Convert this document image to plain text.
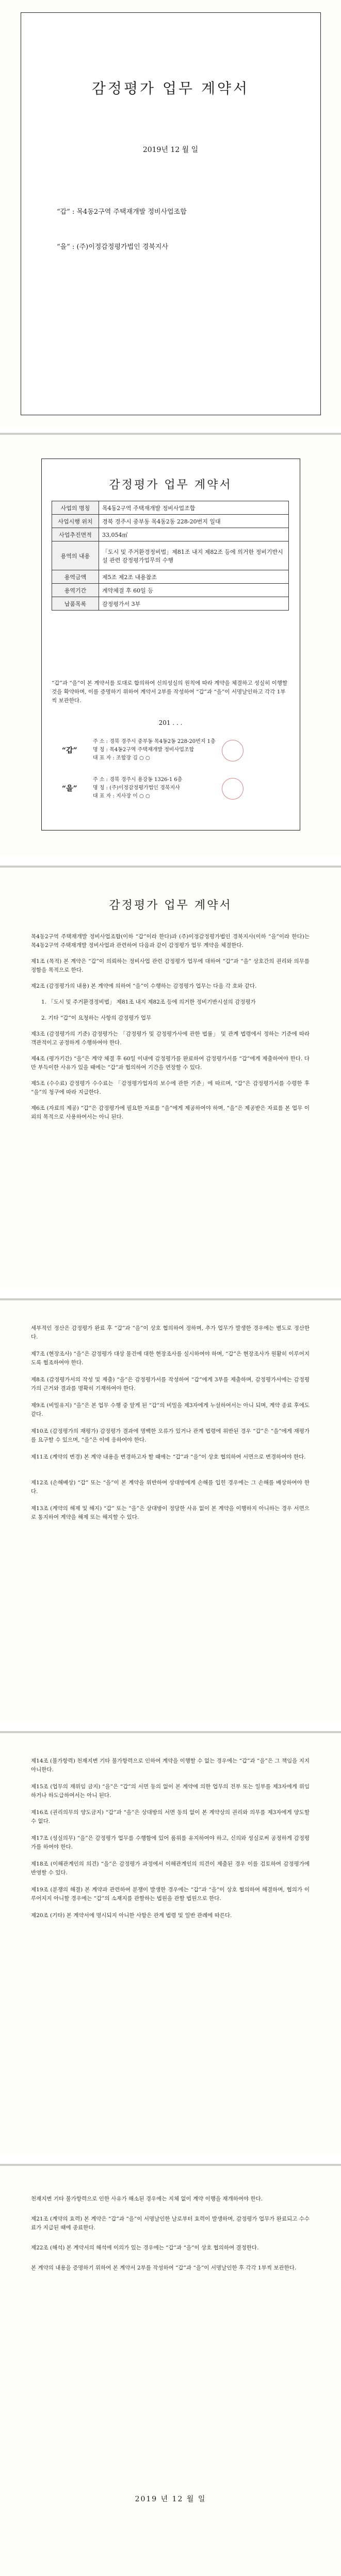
감정평가 업무 계약서
2019년 12 월 일
“갑” : 목4동2구역 주택재개발 정비사업조합
“을” : (주)이정감정평가법인 경북지사
감정평가 업무 계약서
사업의 명칭	목4동2구역 주택재개발 정비사업조합
사업시행 위치	경북 경주시 중부동 목4동2동 228-20번지 일대
사업추진면적	33,054㎡
용역의 내용	「도시 및 주거환경정비법」제81조 내지 제82조 등에 의거한 정비기반시설 관련 감정평가업무의 수행
용역금액	제5조 제2조 내용참조
용역기간	계약체결 후 60일 등
납품목록	감정평가서 3부
“갑”과 “을”이 본 계약서를 토대로 합의하여 신의성실의 원칙에 따라 계약을 체결하고 성실히 이행할 것을 확약하며, 이를 증명하기 위하여 계약서 2부를 작성하여 “갑”과 “을”이 서명날인하고 각각 1부씩 보관한다.
201 . . .
“갑”
주 소 : 경북 경주시 중부동 목4동2동 228-20번지 1층
명 칭 : 목4동2구역 주택재개발 정비사업조합
대 표 자 : 조합장 김 ○ ○
“을”
주 소 : 경북 경주시 용강동 1326-1 6층
명 칭 : (주)이정감정평가법인 경북지사
대 표 자 : 지사장 이 ○ ○
감정평가 업무 계약서
목4동2구역 주택재개발 정비사업조합(이하 “갑”이라 한다)과 (주)이정감정평가법인 경북지사(이하 “을”이라 한다)는 목4동2구역 주택재개발 정비사업과 관련하여 다음과 같이 감정평가 업무 계약을 체결한다.
제1조 (목적) 본 계약은 “갑”이 의뢰하는 정비사업 관련 감정평가 업무에 대하여 “갑”과 “을” 상호간의 권리와 의무를 정함을 목적으로 한다.
제2조 (감정평가의 내용) 본 계약에 의하여 “을”이 수행하는 감정평가 업무는 다음 각 호와 같다.
1. 「도시 및 주거환경정비법」 제81조 내지 제82조 등에 의거한 정비기반시설의 감정평가
2. 기타 “갑”이 요청하는 사항의 감정평가 업무
제3조 (감정평가의 기준) 감정평가는 「감정평가 및 감정평가사에 관한 법률」 및 관계 법령에서 정하는 기준에 따라 객관적이고 공정하게 수행하여야 한다.
제4조 (평가기간) “을”은 계약 체결 후 60일 이내에 감정평가를 완료하여 감정평가서를 “갑”에게 제출하여야 한다. 다만 부득이한 사유가 있을 때에는 “갑”과 협의하여 기간을 연장할 수 있다.
제5조 (수수료) 감정평가 수수료는 「감정평가업자의 보수에 관한 기준」에 따르며, “갑”은 감정평가서를 수령한 후 “을”의 청구에 따라 지급한다.
제6조 (자료의 제공) “갑”은 감정평가에 필요한 자료를 “을”에게 제공하여야 하며, “을”은 제공받은 자료를 본 업무 이외의 목적으로 사용하여서는 아니 된다.
세부적인 정산은 감정평가 완료 후 “갑”과 “을”이 상호 협의하여 정하며, 추가 업무가 발생한 경우에는 별도로 정산한다.
제7조 (현장조사) “을”은 감정평가 대상 물건에 대한 현장조사를 실시하여야 하며, “갑”은 현장조사가 원활히 이루어지도록 협조하여야 한다.
제8조 (감정평가서의 작성 및 제출) “을”은 감정평가서를 작성하여 “갑”에게 3부를 제출하며, 감정평가서에는 감정평가의 근거와 결과를 명확히 기재하여야 한다.
제9조 (비밀유지) “을”은 본 업무 수행 중 알게 된 “갑”의 비밀을 제3자에게 누설하여서는 아니 되며, 계약 종료 후에도 같다.
제10조 (감정평가의 재평가) 감정평가 결과에 명백한 오류가 있거나 관계 법령에 위반된 경우 “갑”은 “을”에게 재평가를 요구할 수 있으며, “을”은 이에 응하여야 한다.
제11조 (계약의 변경) 본 계약 내용을 변경하고자 할 때에는 “갑”과 “을”이 상호 협의하여 서면으로 변경하여야 한다.
제12조 (손해배상) “갑” 또는 “을”이 본 계약을 위반하여 상대방에게 손해를 입힌 경우에는 그 손해를 배상하여야 한다.
제13조 (계약의 해제 및 해지) “갑” 또는 “을”은 상대방이 정당한 사유 없이 본 계약을 이행하지 아니하는 경우 서면으로 통지하여 계약을 해제 또는 해지할 수 있다.
제14조 (불가항력) 천재지변 기타 불가항력으로 인하여 계약을 이행할 수 없는 경우에는 “갑”과 “을”은 그 책임을 지지 아니한다.
제15조 (업무의 재위임 금지) “을”은 “갑”의 서면 동의 없이 본 계약에 의한 업무의 전부 또는 일부를 제3자에게 위임하거나 하도급하여서는 아니 된다.
제16조 (권리의무의 양도금지) “갑”과 “을”은 상대방의 서면 동의 없이 본 계약상의 권리와 의무를 제3자에게 양도할 수 없다.
제17조 (성실의무) “을”은 감정평가 업무를 수행함에 있어 품위를 유지하여야 하고, 신의와 성실로써 공정하게 감정평가를 하여야 한다.
제18조 (이해관계인의 의견) “을”은 감정평가 과정에서 이해관계인의 의견이 제출된 경우 이를 검토하여 감정평가에 반영할 수 있다.
제19조 (분쟁의 해결) 본 계약과 관련하여 분쟁이 발생한 경우에는 “갑”과 “을”이 상호 협의하여 해결하며, 협의가 이루어지지 아니할 경우에는 “갑”의 소재지를 관할하는 법원을 관할 법원으로 한다.
제20조 (기타) 본 계약서에 명시되지 아니한 사항은 관계 법령 및 일반 관례에 따른다.
천재지변 기타 불가항력으로 인한 사유가 해소된 경우에는 지체 없이 계약 이행을 재개하여야 한다.
제21조 (계약의 효력) 본 계약은 “갑”과 “을”이 서명날인한 날로부터 효력이 발생하며, 감정평가 업무가 완료되고 수수료가 지급된 때에 종료한다.
제22조 (해석) 본 계약서의 해석에 이의가 있는 경우에는 “갑”과 “을”이 상호 협의하여 결정한다.
본 계약의 내용을 증명하기 위하여 본 계약서 2부를 작성하여 “갑”과 “을”이 서명날인한 후 각각 1부씩 보관한다.
2019 년 12 월 일
